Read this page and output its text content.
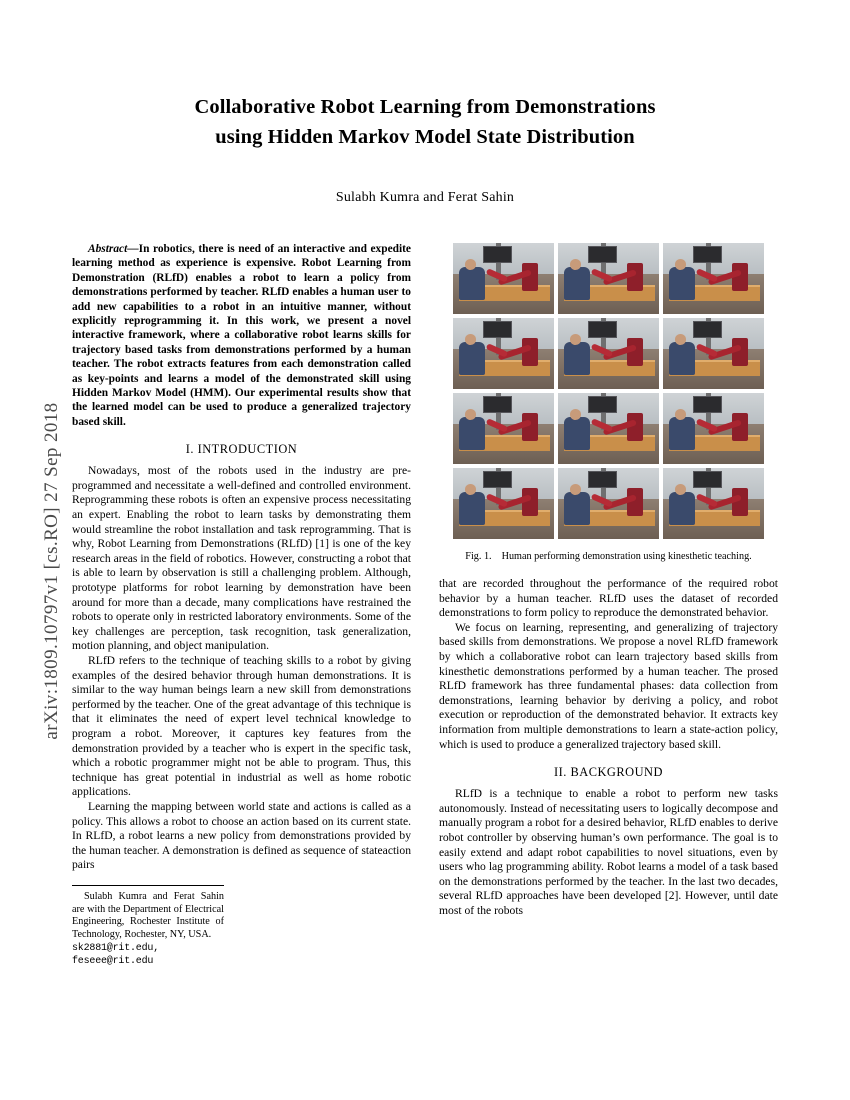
arXiv:1809.10797v1 [cs.RO] 27 Sep 2018
Collaborative Robot Learning from Demonstrations
using Hidden Markov Model State Distribution
Sulabh Kumra and Ferat Sahin

Abstract—In robotics, there is need of an interactive and expedite learning method as experience is expensive. Robot Learning from Demonstration (RLfD) enables a robot to learn a policy from demonstrations performed by teacher. RLfD enables a human user to add new capabilities to a robot in an intuitive manner, without explicitly reprogramming it. In this work, we present a novel interactive framework, where a collaborative robot learns skills for trajectory based tasks from demonstrations performed by a human teacher. The robot extracts features from each demonstration called as key-points and learns a model of the demonstrated skill using Hidden Markov Model (HMM). Our experimental results show that the learned model can be used to produce a generalized trajectory based skill.

I. INTRODUCTION

Nowadays, most of the robots used in the industry are pre-programmed and necessitate a well-defined and controlled environment. Reprogramming these robots is often an expensive process necessitating an expert. Enabling the robot to learn tasks by demonstrating them would streamline the robot installation and task reprogramming. That is why, Robot Learning from Demonstrations (RLfD) [1] is one of the key research areas in the field of robotics. However, constructing a robot that is able to learn by observation is still a challenging problem. Although, prototype platforms for robot learning by demonstration have been around for more than a decade, many complications have restrained the robots to operate only in restricted laboratory environments. Some of the key challenges are perception, task recognition, task generalization, motion planning, and object manipulation.

RLfD refers to the technique of teaching skills to a robot by giving examples of the desired behavior through human demonstrations. It is similar to the way human beings learn a new skill from demonstrations performed by the teacher. One of the great advantage of this technique is that it eliminates the need of expert level technical knowledge to program a robot. Moreover, it captures key features from the demonstration provided by a teacher who is expert in the specific task, which a robotic programmer might not be able to program. Thus, this technique has great potential in industrial as well as home robotic applications.

Learning the mapping between world state and actions is called as a policy. This allows a robot to choose an action based on its current state. In RLfD, a robot learns a new policy from demonstrations provided by the human teacher. A demonstration is defined as sequence of stateaction pairs

Sulabh Kumra and Ferat Sahin are with the Department of Electrical Engineering, Rochester Institute of Technology, Rochester, NY, USA.

sk2881@rit.edu, feseee@rit.edu

Fig. 1. Human performing demonstration using kinesthetic teaching.

that are recorded throughout the performance of the required robot behavior by a human teacher. RLfD uses the dataset of recorded demonstrations to form policy to reproduce the demonstrated behavior.

We focus on learning, representing, and generalizing of trajectory based skills from demonstrations. We propose a novel RLfD framework by which a collaborative robot can learn trajectory based skills from kinesthetic demonstrations performed by a human teacher. The prosed RLfD framework has three fundamental phases: data collection from demonstrations, learning behavior by deriving a policy, and robot execution or reproduction of the demonstrated behavior. It extracts key information from multiple demonstrations to learn a state-action policy, which is used to produce a generalized trajectory based skill.

II. BACKGROUND

RLfD is a technique to enable a robot to perform new tasks autonomously. Instead of necessitating users to logically decompose and manually program a robot for a desired behavior, RLfD enables to derive robot controller by observing human’s own performance. The goal is to easily extend and adapt robot capabilities to novel situations, even by users who lag programming ability. Robot learns a model of a task based on the demonstrations performed by the teacher. In the last two decades, several RLfD approaches have been developed [2]. However, until date most of the robots
